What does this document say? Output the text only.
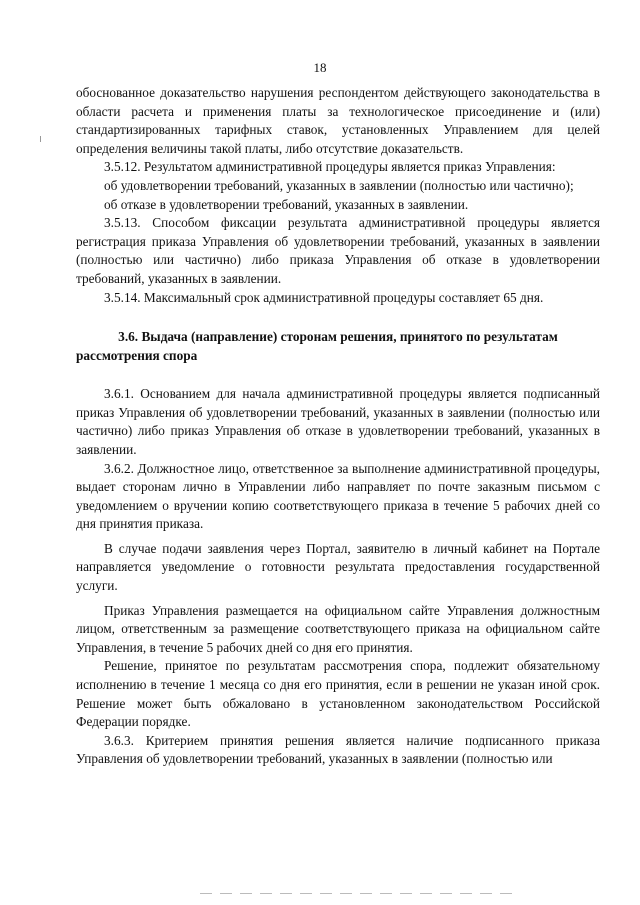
18

обоснованное доказательство нарушения респондентом действующего законодательства в области расчета и применения платы за технологическое присоединение и (или) стандартизированных тарифных ставок, установленных Управлением для целей определения величины такой платы, либо отсутствие доказательств.

3.5.12. Результатом административной процедуры является приказ Управления:

об удовлетворении требований, указанных в заявлении (полностью или частично);

об отказе в удовлетворении требований, указанных в заявлении.

3.5.13. Способом фиксации результата административной процедуры является регистрация приказа Управления об удовлетворении требований, указанных в заявлении (полностью или частично) либо приказа Управления об отказе в удовлетворении требований, указанных в заявлении.

3.5.14. Максимальный срок административной процедуры составляет 65 дня.

3.6. Выдача (направление) сторонам решения, принятого по результатам рассмотрения спора

3.6.1. Основанием для начала административной процедуры является подписанный приказ Управления об удовлетворении требований, указанных в заявлении (полностью или частично) либо приказ Управления об отказе в удовлетворении требований, указанных в заявлении.

3.6.2. Должностное лицо, ответственное за выполнение административной процедуры, выдает сторонам лично в Управлении либо направляет по почте заказным письмом с уведомлением о вручении копию соответствующего приказа в течение 5 рабочих дней со дня принятия приказа.

В случае подачи заявления через Портал, заявителю в личный кабинет на Портале направляется уведомление о готовности результата предоставления государственной услуги.

Приказ Управления размещается на официальном сайте Управления должностным лицом, ответственным за размещение соответствующего приказа на официальном сайте Управления, в течение 5 рабочих дней со дня его принятия.

Решение, принятое по результатам рассмотрения спора, подлежит обязательному исполнению в течение 1 месяца со дня его принятия, если в решении не указан иной срок. Решение может быть обжаловано в установленном законодательством Российской Федерации порядке.

3.6.3. Критерием принятия решения является наличие подписанного приказа Управления об удовлетворении требований, указанных в заявлении (полностью или
